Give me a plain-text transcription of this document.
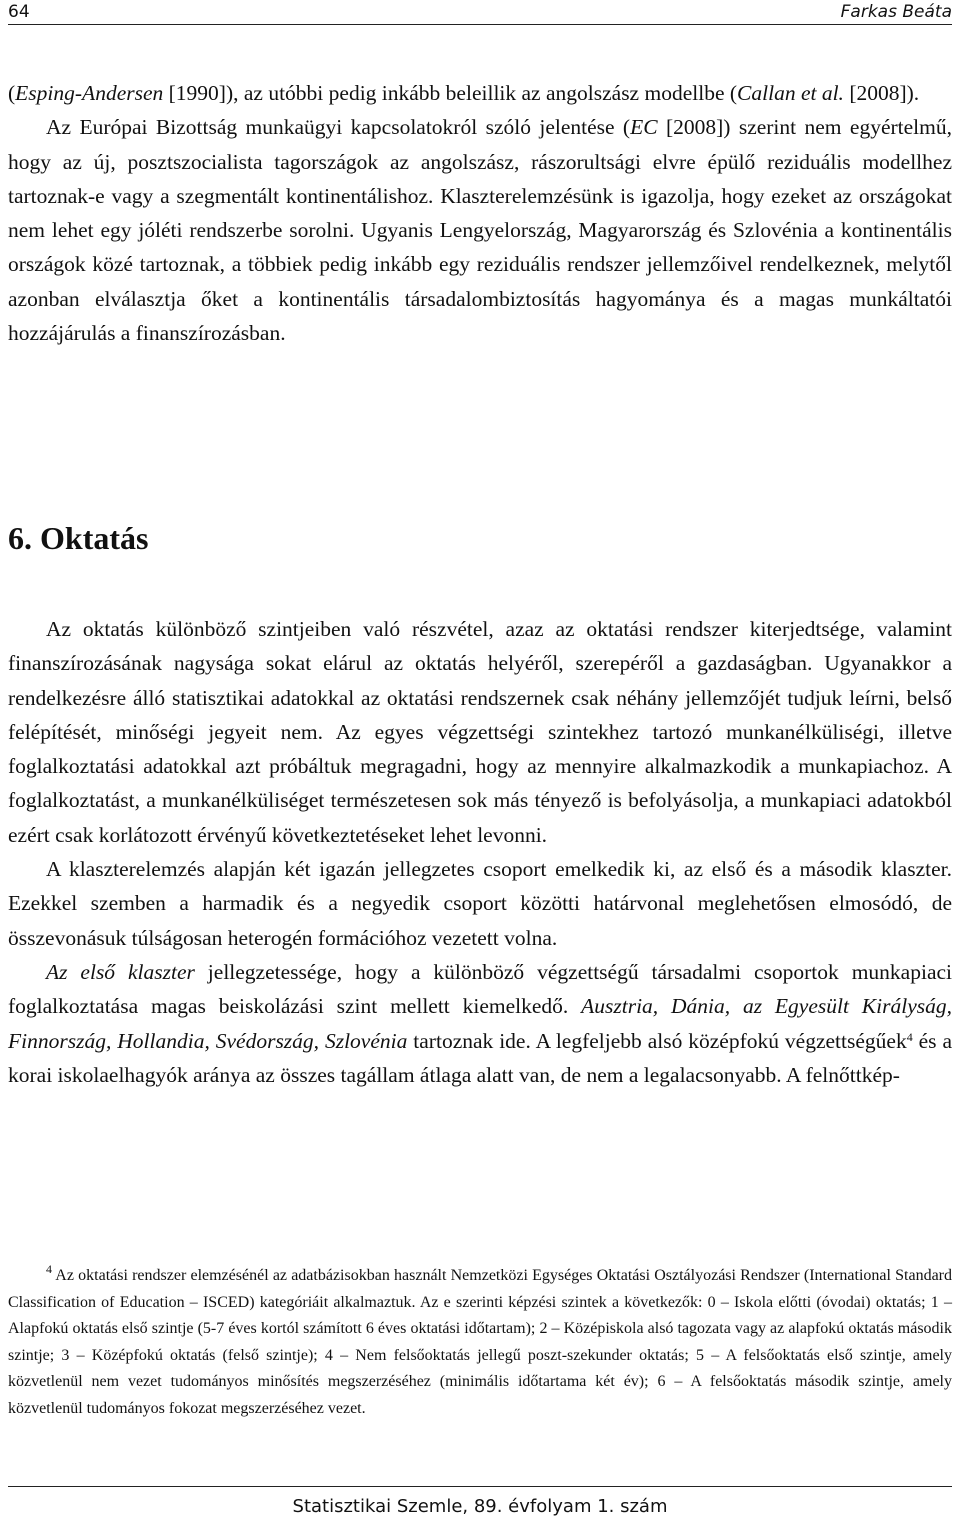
64	Farkas Beáta

(Esping-Andersen [1990]), az utóbbi pedig inkább beleillik az angolszász modellbe (Callan et al. [2008]).

Az Európai Bizottság munkaügyi kapcsolatokról szóló jelentése (EC [2008]) szerint nem egyértelmű, hogy az új, posztszocialista tagországok az angolszász, rászorultsági elvre épülő reziduális modellhez tartoznak-e vagy a szegmentált kontinentálishoz. Klaszterelemzésünk is igazolja, hogy ezeket az országokat nem lehet egy jóléti rendszerbe sorolni. Ugyanis Lengyelország, Magyarország és Szlovénia a kontinentális országok közé tartoznak, a többiek pedig inkább egy reziduális rendszer jellemzőivel rendelkeznek, melytől azonban elválasztja őket a kontinentális társadalombiztosítás hagyománya és a magas munkáltatói hozzájárulás a finanszírozásban.

6. Oktatás

Az oktatás különböző szintjeiben való részvétel, azaz az oktatási rendszer kiterjedtsége, valamint finanszírozásának nagysága sokat elárul az oktatás helyéről, szerepéről a gazdaságban. Ugyanakkor a rendelkezésre álló statisztikai adatokkal az oktatási rendszernek csak néhány jellemzőjét tudjuk leírni, belső felépítését, minőségi jegyeit nem. Az egyes végzettségi szintekhez tartozó munkanélküliségi, illetve foglalkoztatási adatokkal azt próbáltuk megragadni, hogy az mennyire alkalmazkodik a munkapiachoz. A foglalkoztatást, a munkanélküliséget természetesen sok más tényező is befolyásolja, a munkapiaci adatokból ezért csak korlátozott érvényű következtetéseket lehet levonni.

A klaszterelemzés alapján két igazán jellegzetes csoport emelkedik ki, az első és a második klaszter. Ezekkel szemben a harmadik és a negyedik csoport közötti határvonal meglehetősen elmosódó, de összevonásuk túlságosan heterogén formációhoz vezetett volna.

Az első klaszter jellegzetessége, hogy a különböző végzettségű társadalmi csoportok munkapiaci foglalkoztatása magas beiskolázási szint mellett kiemelkedő. Ausztria, Dánia, az Egyesült Királyság, Finnország, Hollandia, Svédország, Szlovénia tartoznak ide. A legfeljebb alsó középfokú végzettségűek$^4$ és a korai iskolaelhagyók aránya az összes tagállam átlaga alatt van, de nem a legalacsonyabb. A felnőttkép-

$^4$ Az oktatási rendszer elemzésénél az adatbázisokban használt Nemzetközi Egységes Oktatási Osztályozási Rendszer (International Standard Classification of Education – ISCED) kategóriáit alkalmaztuk. Az e szerinti képzési szintek a következők: 0 – Iskola előtti (óvodai) oktatás; 1 – Alapfokú oktatás első szintje (5-7 éves kortól számított 6 éves oktatási időtartam); 2 – Középiskola alsó tagozata vagy az alapfokú oktatás második szintje; 3 – Középfokú oktatás (felső szintje); 4 – Nem felsőoktatás jellegű poszt-szekunder oktatás; 5 – A felsőoktatás első szintje, amely közvetlenül nem vezet tudományos minősítés megszerzéséhez (minimális időtartama két év); 6 – A felsőoktatás második szintje, amely közvetlenül tudományos fokozat megszerzéséhez vezet.

Statisztikai Szemle, 89. évfolyam 1. szám
